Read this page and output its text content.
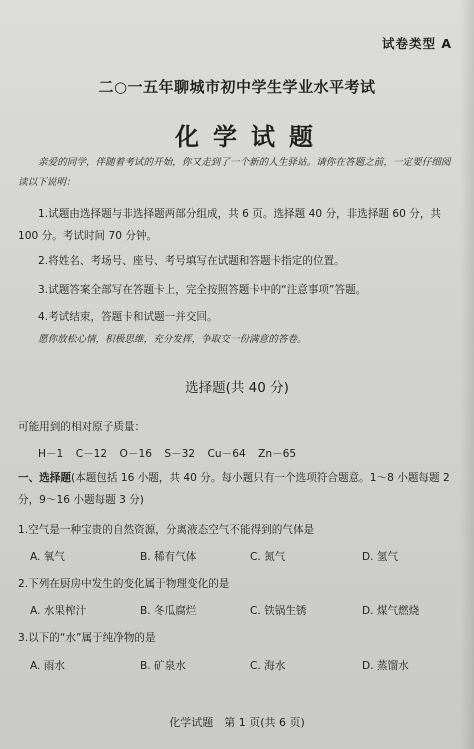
试卷类型 A
二○一五年聊城市初中学生学业水平考试
化学试题
亲爱的同学，伴随着考试的开始，你又走到了一个新的人生驿站。请你在答题之前，一定要仔细阅读以下说明：
1.试题由选择题与非选择题两部分组成，共 6 页。选择题 40 分，非选择题 60 分，共 100 分。考试时间 70 分钟。
2.将姓名、考场号、座号、考号填写在试题和答题卡指定的位置。
3.试题答案全部写在答题卡上，完全按照答题卡中的“注意事项”答题。
4.考试结束，答题卡和试题一并交回。
愿你放松心情，积极思维，充分发挥，争取交一份满意的答卷。
选择题(共 40 分)
可能用到的相对原子质量：
H－1 C－12 O－16 S－32 Cu－64 Zn－65
一、选择题(本题包括 16 小题，共 40 分。每小题只有一个选项符合题意。1～8 小题每题 2 分，9～16 小题每题 3 分)
1.空气是一种宝贵的自然资源，分离液态空气不能得到的气体是
A. 氧气	B. 稀有气体	C. 氮气	D. 氢气
2.下列在厨房中发生的变化属于物理变化的是
A. 水果榨汁	B. 冬瓜腐烂	C. 铁锅生锈	D. 煤气燃烧
3.以下的“水”属于纯净物的是
A. 雨水	B. 矿泉水	C. 海水	D. 蒸馏水
化学试题　第 1 页(共 6 页)
